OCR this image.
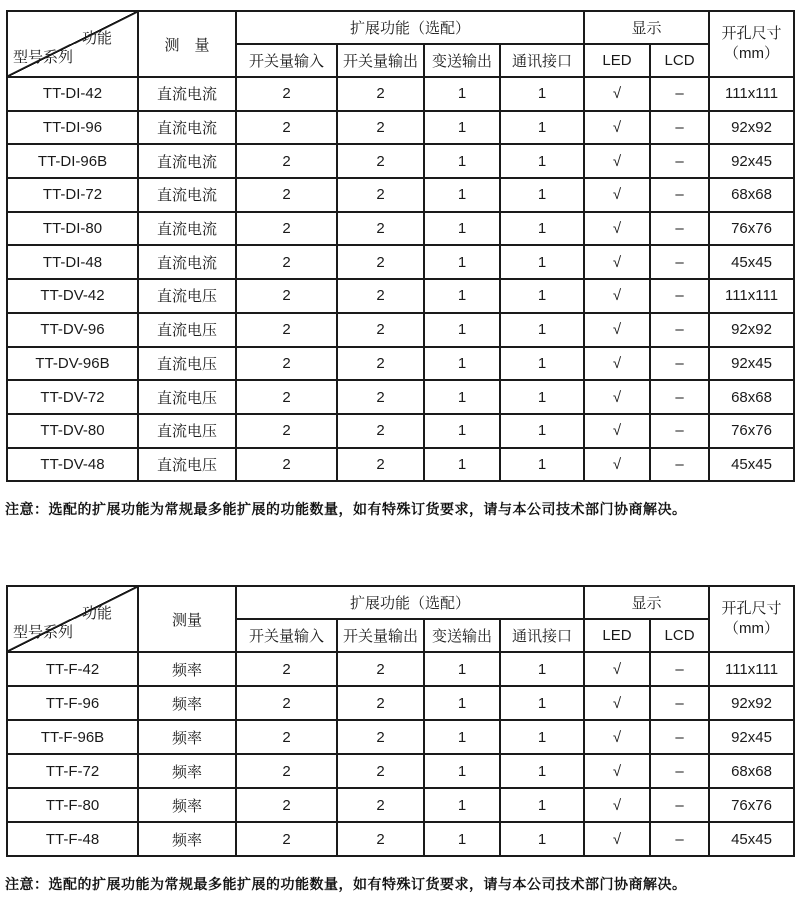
功能
型号系列	测　量	扩展功能（选配）				显示		开孔尺寸
（mm）

		开关量输入	开关量输出	变送输出	通讯接口	LED	LCD	
TT-DI-42	直流电流	2	2	1	1	√	–	111x111
TT-DI-96	直流电流	2	2	1	1	√	–	92x92
TT-DI-96B	直流电流	2	2	1	1	√	–	92x45
TT-DI-72	直流电流	2	2	1	1	√	–	68x68
TT-DI-80	直流电流	2	2	1	1	√	–	76x76
TT-DI-48	直流电流	2	2	1	1	√	–	45x45
TT-DV-42	直流电压	2	2	1	1	√	–	111x111
TT-DV-96	直流电压	2	2	1	1	√	–	92x92
TT-DV-96B	直流电压	2	2	1	1	√	–	92x45
TT-DV-72	直流电压	2	2	1	1	√	–	68x68
TT-DV-80	直流电压	2	2	1	1	√	–	76x76
TT-DV-48	直流电压	2	2	1	1	√	–	45x45

注意：选配的扩展功能为常规最多能扩展的功能数量，如有特殊订货要求，请与本公司技术部门协商解决。

功能
型号系列	测量	扩展功能（选配）				显示		开孔尺寸
（mm）

		开关量输入	开关量输出	变送输出	通讯接口	LED	LCD	
TT-F-42	频率	2	2	1	1	√	–	111x111
TT-F-96	频率	2	2	1	1	√	–	92x92
TT-F-96B	频率	2	2	1	1	√	–	92x45
TT-F-72	频率	2	2	1	1	√	–	68x68
TT-F-80	频率	2	2	1	1	√	–	76x76
TT-F-48	频率	2	2	1	1	√	–	45x45

注意：选配的扩展功能为常规最多能扩展的功能数量，如有特殊订货要求，请与本公司技术部门协商解决。
